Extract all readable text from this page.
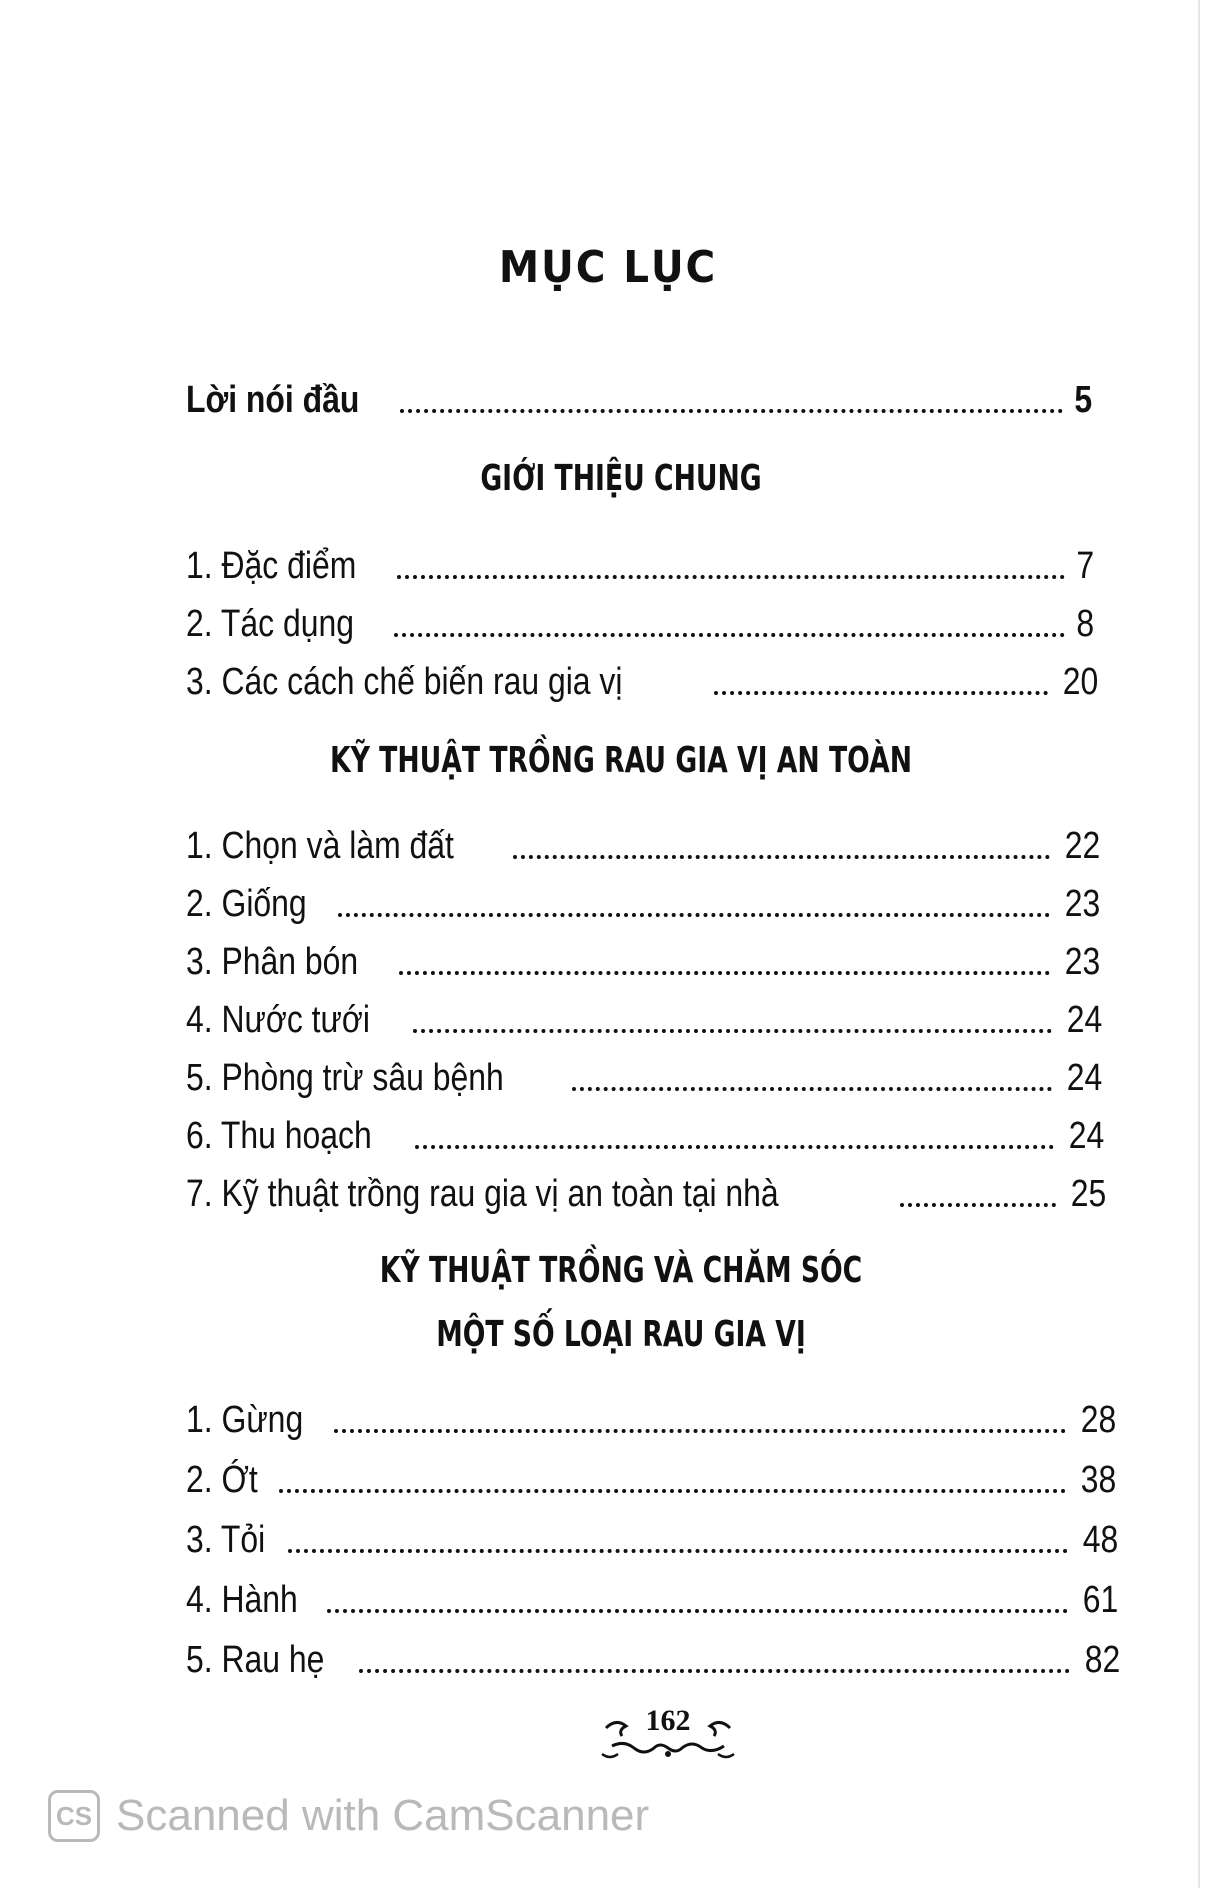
MỤC LỤC
Lời nói đầu	5
GIỚI THIỆU CHUNG
1. Đặc điểm	7
2. Tác dụng	8
3. Các cách chế biến rau gia vị	20
KỸ THUẬT TRỒNG RAU GIA VỊ AN TOÀN
1. Chọn và làm đất	22
2. Giống	23
3. Phân bón	23
4. Nước tưới	24
5. Phòng trừ sâu bệnh	24
6. Thu hoạch	24
7. Kỹ thuật trồng rau gia vị an toàn tại nhà	25
KỸ THUẬT TRỒNG VÀ CHĂM SÓC
MỘT SỐ LOẠI RAU GIA VỊ
1. Gừng	28
2. Ớt	38
3. Tỏi	48
4. Hành	61
5. Rau hẹ	82
162
CS Scanned with CamScanner
